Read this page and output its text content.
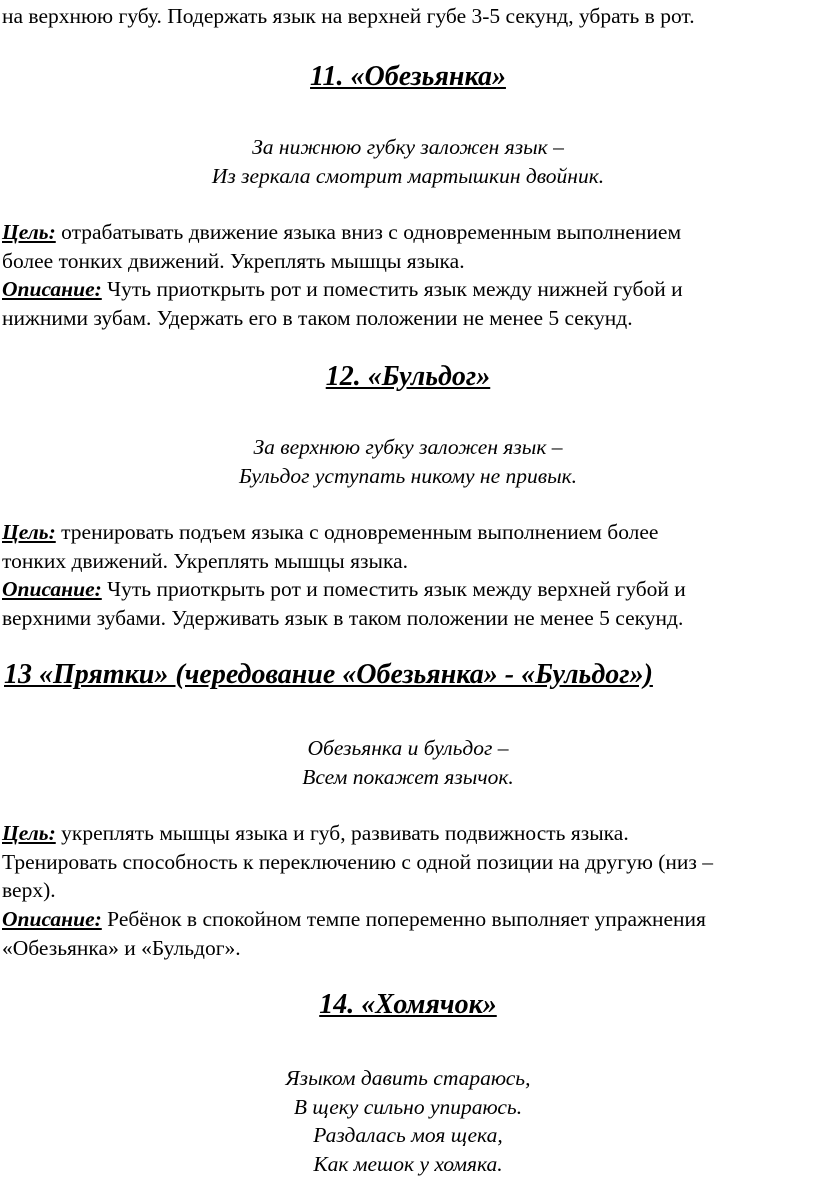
на верхнюю губу. Подержать язык на верхней губе 3-5 секунд, убрать в рот.
11. «Обезьянка»
За нижнюю губку заложен язык –
Из зеркала смотрит мартышкин двойник.
Цель: отрабатывать движение языка вниз с одновременным выполнением
более тонких движений. Укреплять мышцы языка.
Описание: Чуть приоткрыть рот и поместить язык между нижней губой и
нижними зубам. Удержать его в таком положении не менее 5 секунд.
12. «Бульдог»
За верхнюю губку заложен язык –
Бульдог уступать никому не привык.
Цель: тренировать подъем языка с одновременным выполнением более
тонких движений. Укреплять мышцы языка.
Описание: Чуть приоткрыть рот и поместить язык между верхней губой и
верхними зубами. Удерживать язык в таком положении не менее 5 секунд.
13 «Прятки» (чередование «Обезьянка» - «Бульдог»)
Обезьянка и бульдог –
Всем покажет язычок.
Цель: укреплять мышцы языка и губ, развивать подвижность языка.
Тренировать способность к переключению с одной позиции на другую (низ –
верх).
Описание: Ребёнок в спокойном темпе попеременно выполняет упражнения
«Обезьянка» и «Бульдог».
14. «Хомячок»
Языком давить стараюсь,
В щеку сильно упираюсь.
Раздалась моя щека,
Как мешок у хомяка.
